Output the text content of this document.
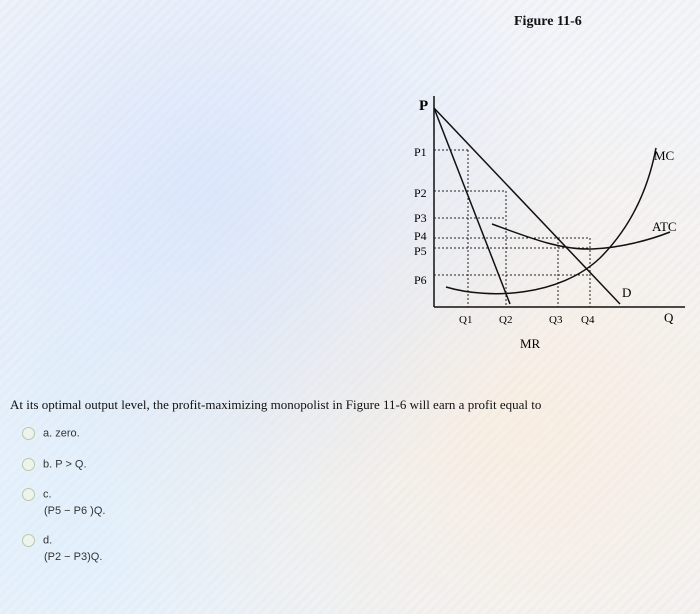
Figure 11-6
P
Q
P1
P2
P3
P4
P5
P6
Q1 Q2	Q3 Q4
MC
ATC
D
MR
At its optimal output level, the profit-maximizing monopolist in Figure 11-6 will earn a profit equal to
a. zero.
b. P > Q.
c.
(P5 − P6 )Q.
d.
(P2 − P3)Q.
